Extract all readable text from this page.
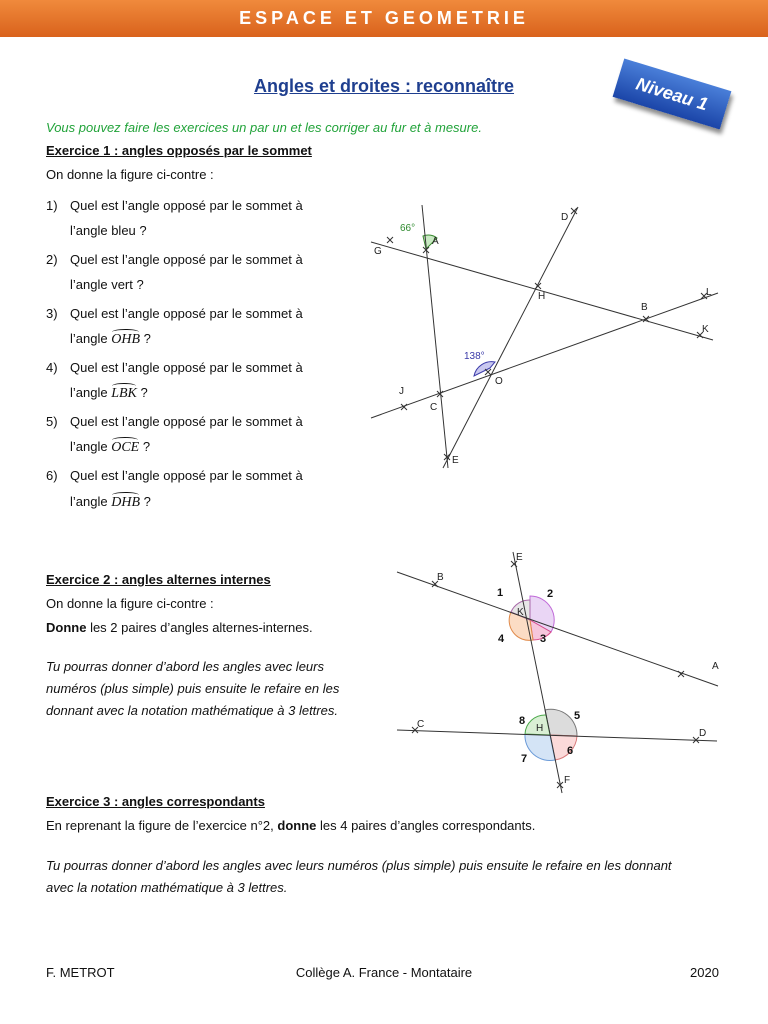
ESPACE ET GEOMETRIE
Angles et droites : reconnaître	Niveau 1
Vous pouvez faire les exercices un par un et les corriger au fur et à mesure.
Exercice 1 : angles opposés par le sommet
On donne la figure ci-contre :
1) Quel est l’angle opposé par le sommet à
l’angle bleu ?
2) Quel est l’angle opposé par le sommet à
l’angle vert ?
3) Quel est l’angle opposé par le sommet à
l’angle OHB ?
4) Quel est l’angle opposé par le sommet à
l’angle LBK ?
5) Quel est l’angle opposé par le sommet à
l’angle OCE ?
6) Quel est l’angle opposé par le sommet à
l’angle DHB ?
66°
138°
A
D
G
H
B
L
K
O
J
C
E
Exercice 2 : angles alternes internes
On donne la figure ci-contre :
Donne les 2 paires d’angles alternes-internes.
Tu pourras donner d’abord les angles avec leurs
numéros (plus simple) puis ensuite le refaire en les
donnant avec la notation mathématique à 3 lettres.
E
B
K
A
C	H	D
F
1	2
3
4
5
6
7
8
Exercice 3 : angles correspondants
En reprenant la figure de l’exercice n°2, donne les 4 paires d’angles correspondants.
Tu pourras donner d’abord les angles avec leurs numéros (plus simple) puis ensuite le refaire en les donnant
avec la notation mathématique à 3 lettres.
F. METROT	Collège A. France - Montataire	2020
